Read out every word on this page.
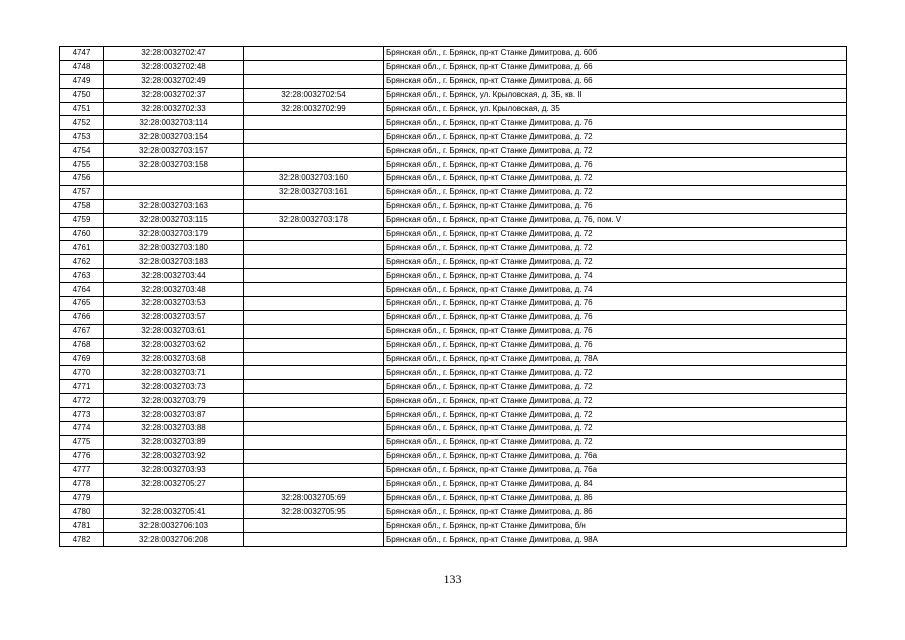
4747	32:28:0032702:47		Брянская обл., г. Брянск, пр-кт Станке Димитрова, д. 60б
4748	32:28:0032702:48		Брянская обл., г. Брянск, пр-кт Станке Димитрова, д. 66
4749	32:28:0032702:49		Брянская обл., г. Брянск, пр-кт Станке Димитрова, д. 66
4750	32:28:0032702:37	32:28:0032702:54	Брянская обл., г. Брянск, ул. Крыловская, д. 3Б, кв. II
4751	32:28:0032702:33	32:28:0032702:99	Брянская обл., г. Брянск, ул. Крыловская, д. 35
4752	32:28:0032703:114		Брянская обл., г. Брянск, пр-кт Станке Димитрова, д. 76
4753	32:28:0032703:154		Брянская обл., г. Брянск, пр-кт Станке Димитрова, д. 72
4754	32:28:0032703:157		Брянская обл., г. Брянск, пр-кт Станке Димитрова, д. 72
4755	32:28:0032703:158		Брянская обл., г. Брянск, пр-кт Станке Димитрова, д. 76
4756		32:28:0032703:160	Брянская обл., г. Брянск, пр-кт Станке Димитрова, д. 72
4757		32:28:0032703:161	Брянская обл., г. Брянск, пр-кт Станке Димитрова, д. 72
4758	32:28:0032703:163		Брянская обл., г. Брянск, пр-кт Станке Димитрова, д. 76
4759	32:28:0032703:115	32:28:0032703:178	Брянская обл., г. Брянск, пр-кт Станке Димитрова, д. 76, пом. V
4760	32:28:0032703:179		Брянская обл., г. Брянск, пр-кт Станке Димитрова, д. 72
4761	32:28:0032703:180		Брянская обл., г. Брянск, пр-кт Станке Димитрова, д. 72
4762	32:28:0032703:183		Брянская обл., г. Брянск, пр-кт Станке Димитрова, д. 72
4763	32:28:0032703:44		Брянская обл., г. Брянск, пр-кт Станке Димитрова, д. 74
4764	32:28:0032703:48		Брянская обл., г. Брянск, пр-кт Станке Димитрова, д. 74
4765	32:28:0032703:53		Брянская обл., г. Брянск, пр-кт Станке Димитрова, д. 76
4766	32:28:0032703:57		Брянская обл., г. Брянск, пр-кт Станке Димитрова, д. 76
4767	32:28:0032703:61		Брянская обл., г. Брянск, пр-кт Станке Димитрова, д. 76
4768	32:28:0032703:62		Брянская обл., г. Брянск, пр-кт Станке Димитрова, д. 76
4769	32:28:0032703:68		Брянская обл., г. Брянск, пр-кт Станке Димитрова, д. 78А
4770	32:28:0032703:71		Брянская обл., г. Брянск, пр-кт Станке Димитрова, д. 72
4771	32:28:0032703:73		Брянская обл., г. Брянск, пр-кт Станке Димитрова, д. 72
4772	32:28:0032703:79		Брянская обл., г. Брянск, пр-кт Станке Димитрова, д. 72
4773	32:28:0032703:87		Брянская обл., г. Брянск, пр-кт Станке Димитрова, д. 72
4774	32:28:0032703:88		Брянская обл., г. Брянск, пр-кт Станке Димитрова, д. 72
4775	32:28:0032703:89		Брянская обл., г. Брянск, пр-кт Станке Димитрова, д. 72
4776	32:28:0032703:92		Брянская обл., г. Брянск, пр-кт Станке Димитрова, д. 76а
4777	32:28:0032703:93		Брянская обл., г. Брянск, пр-кт Станке Димитрова, д. 76а
4778	32:28:0032705:27		Брянская обл., г. Брянск, пр-кт Станке Димитрова, д. 84
4779		32:28:0032705:69	Брянская обл., г. Брянск, пр-кт Станке Димитрова, д. 86
4780	32:28:0032705:41	32:28:0032705:95	Брянская обл., г. Брянск, пр-кт Станке Димитрова, д. 86
4781	32:28:0032706:103		Брянская обл., г. Брянск, пр-кт Станке Димитрова, б/н
4782	32:28:0032706:208		Брянская обл., г. Брянск, пр-кт Станке Димитрова, д. 98А
133
